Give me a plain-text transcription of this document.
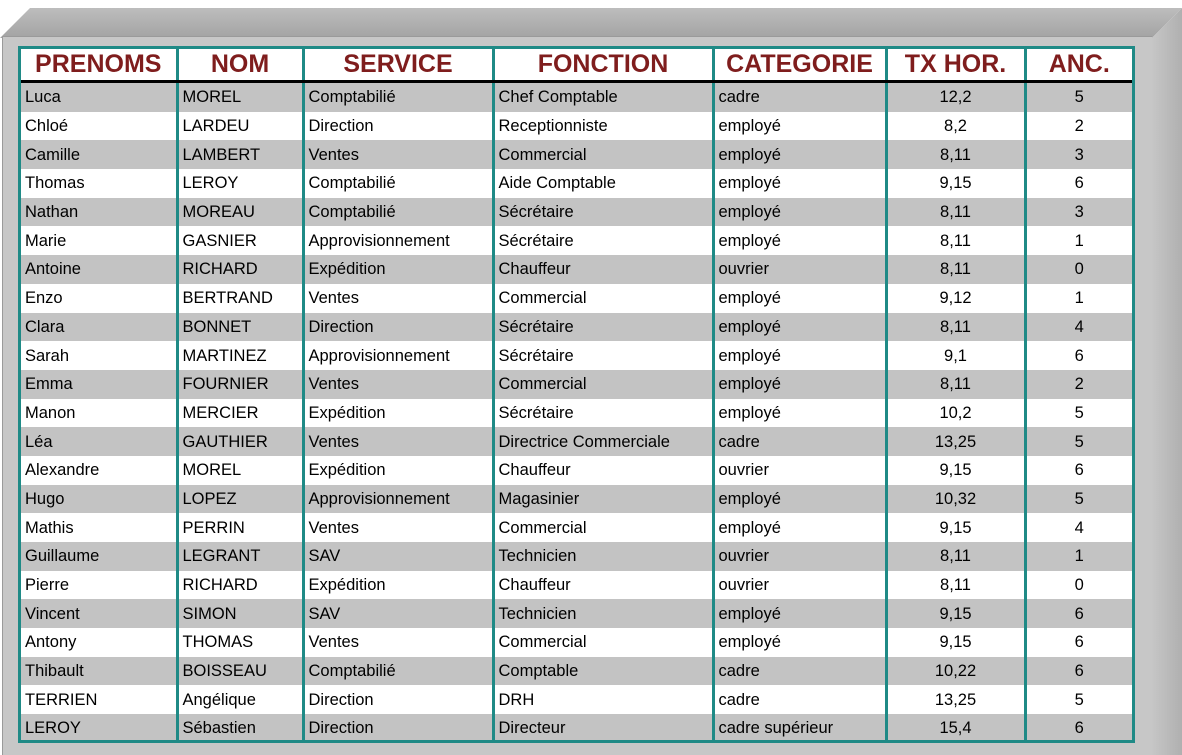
PRENOMS	NOM	SERVICE	FONCTION	CATEGORIE	TX HOR.	ANC.
Luca	MOREL	Comptabilié	Chef Comptable	cadre	12,2	5
Chloé	LARDEU	Direction	Receptionniste	employé	8,2	2
Camille	LAMBERT	Ventes	Commercial	employé	8,11	3
Thomas	LEROY	Comptabilié	Aide Comptable	employé	9,15	6
Nathan	MOREAU	Comptabilié	Sécrétaire	employé	8,11	3
Marie	GASNIER	Approvisionnement	Sécrétaire	employé	8,11	1
Antoine	RICHARD	Expédition	Chauffeur	ouvrier	8,11	0
Enzo	BERTRAND	Ventes	Commercial	employé	9,12	1
Clara	BONNET	Direction	Sécrétaire	employé	8,11	4
Sarah	MARTINEZ	Approvisionnement	Sécrétaire	employé	9,1	6
Emma	FOURNIER	Ventes	Commercial	employé	8,11	2
Manon	MERCIER	Expédition	Sécrétaire	employé	10,2	5
Léa	GAUTHIER	Ventes	Directrice Commerciale	cadre	13,25	5
Alexandre	MOREL	Expédition	Chauffeur	ouvrier	9,15	6
Hugo	LOPEZ	Approvisionnement	Magasinier	employé	10,32	5
Mathis	PERRIN	Ventes	Commercial	employé	9,15	4
Guillaume	LEGRANT	SAV	Technicien	ouvrier	8,11	1
Pierre	RICHARD	Expédition	Chauffeur	ouvrier	8,11	0
Vincent	SIMON	SAV	Technicien	employé	9,15	6
Antony	THOMAS	Ventes	Commercial	employé	9,15	6
Thibault	BOISSEAU	Comptabilié	Comptable	cadre	10,22	6
TERRIEN	Angélique	Direction	DRH	cadre	13,25	5
LEROY	Sébastien	Direction	Directeur	cadre supérieur	15,4	6
